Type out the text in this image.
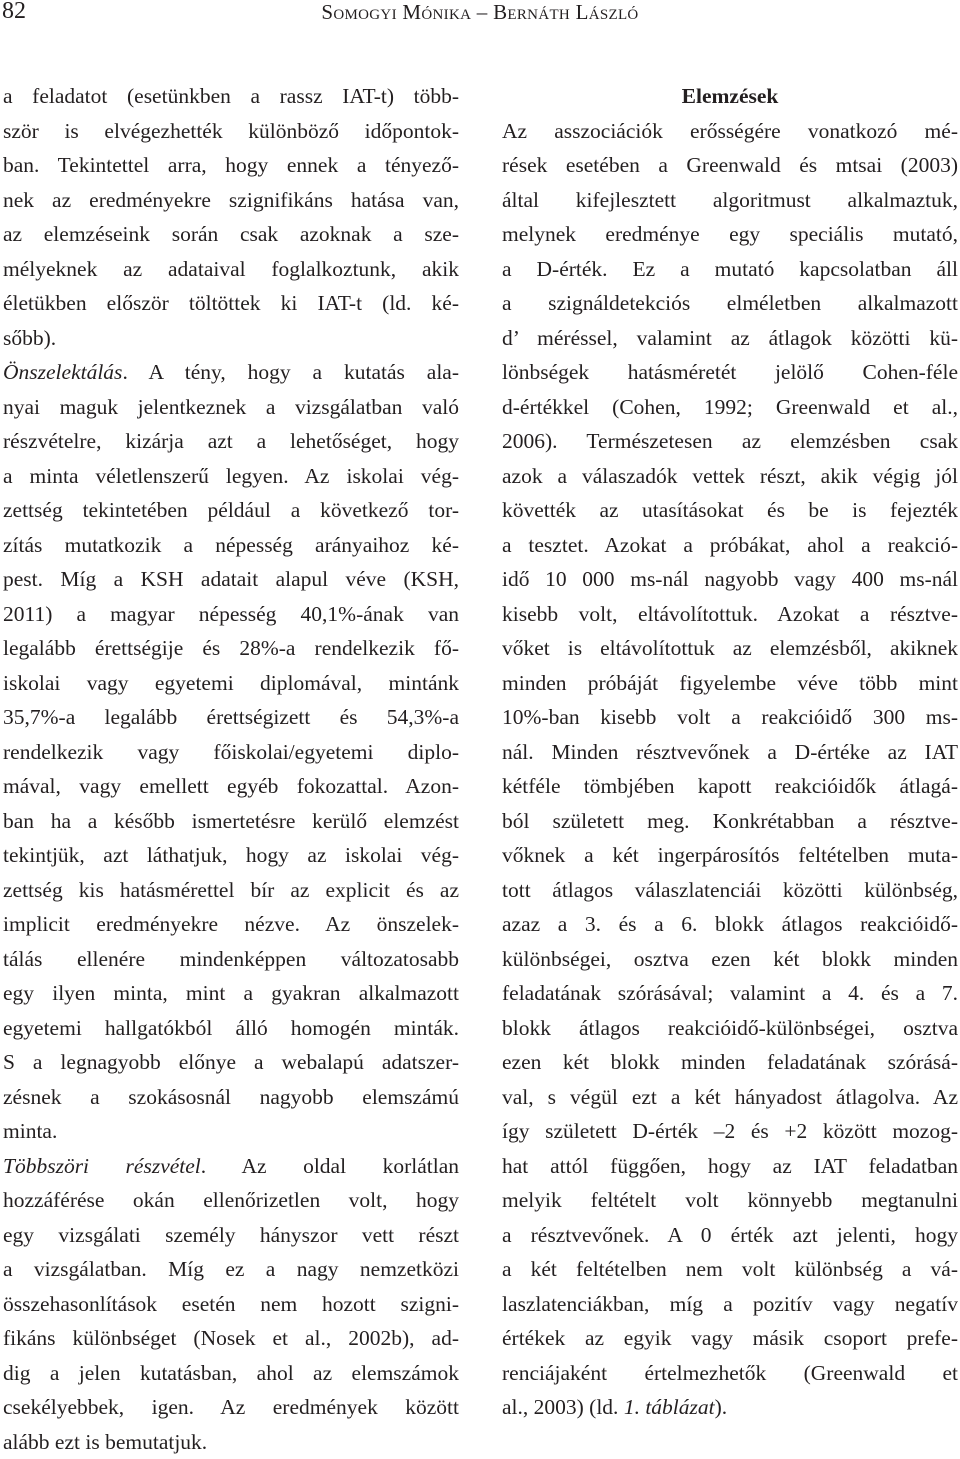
82	Somogyi Mónika – Bernáth László
a feladatot (esetünkben a rassz IAT-t) több-
ször is elvégezhették különböző időpontok-
ban. Tekintettel arra, hogy ennek a tényező-
nek az eredményekre szignifikáns hatása van,
az elemzéseink során csak azoknak a sze-
mélyeknek az adataival foglalkoztunk, akik
életükben először töltöttek ki IAT-t (ld. ké-
sőbb).
Önszelektálás. A tény, hogy a kutatás ala-
nyai maguk jelentkeznek a vizsgálatban való
részvételre, kizárja azt a lehetőséget, hogy
a minta véletlenszerű legyen. Az iskolai vég-
zettség tekintetében például a következő tor-
zítás mutatkozik a népesség arányaihoz ké-
pest. Míg a KSH adatait alapul véve (KSH,
2011) a magyar népesség 40,1%-ának van
legalább érettségije és 28%-a rendelkezik fő-
iskolai vagy egyetemi diplomával, mintánk
35,7%-a legalább érettségizett és 54,3%-a
rendelkezik vagy főiskolai/egyetemi diplo-
mával, vagy emellett egyéb fokozattal. Azon-
ban ha a később ismertetésre kerülő elemzést
tekintjük, azt láthatjuk, hogy az iskolai vég-
zettség kis hatásmérettel bír az explicit és az
implicit eredményekre nézve. Az önszelek-
tálás ellenére mindenképpen változatosabb
egy ilyen minta, mint a gyakran alkalmazott
egyetemi hallgatókból álló homogén minták.
S a legnagyobb előnye a webalapú adatszer-
zésnek a szokásosnál nagyobb elemszámú
minta.
Többszöri részvétel. Az oldal korlátlan
hozzáférése okán ellenőrizetlen volt, hogy
egy vizsgálati személy hányszor vett részt
a vizsgálatban. Míg ez a nagy nemzetközi
összehasonlítások esetén nem hozott szigni-
fikáns különbséget (Nosek et al., 2002b), ad-
dig a jelen kutatásban, ahol az elemszámok
csekélyebbek, igen. Az eredmények között
alább ezt is bemutatjuk.
Elemzések
Az asszociációk erősségére vonatkozó mé-
rések esetében a Greenwald és mtsai (2003)
által kifejlesztett algoritmust alkalmaztuk,
melynek eredménye egy speciális mutató,
a D-érték. Ez a mutató kapcsolatban áll
a szignáldetekciós elméletben alkalmazott
d’ méréssel, valamint az átlagok közötti kü-
lönbségek hatásméretét jelölő Cohen-féle
d-értékkel (Cohen, 1992; Greenwald et al.,
2006). Természetesen az elemzésben csak
azok a válaszadók vettek részt, akik végig jól
követték az utasításokat és be is fejezték
a tesztet. Azokat a próbákat, ahol a reakció-
idő 10 000 ms-nál nagyobb vagy 400 ms-nál
kisebb volt, eltávolítottuk. Azokat a résztve-
vőket is eltávolítottuk az elemzésből, akiknek
minden próbáját figyelembe véve több mint
10%-ban kisebb volt a reakcióidő 300 ms-
nál. Minden résztvevőnek a D-értéke az IAT
kétféle tömbjében kapott reakcióidők átlagá-
ból született meg. Konkrétabban a résztve-
vőknek a két ingerpárosítós feltételben muta-
tott átlagos válaszlatenciái közötti különbség,
azaz a 3. és a 6. blokk átlagos reakcióidő-
különbségei, osztva ezen két blokk minden
feladatának szórásával; valamint a 4. és a 7.
blokk átlagos reakcióidő-különbségei, osztva
ezen két blokk minden feladatának szórásá-
val, s végül ezt a két hányadost átlagolva. Az
így született D-érték –2 és +2 között mozog-
hat attól függően, hogy az IAT feladatban
melyik feltételt volt könnyebb megtanulni
a résztvevőnek. A 0 érték azt jelenti, hogy
a két feltételben nem volt különbség a vá-
laszlatenciákban, míg a pozitív vagy negatív
értékek az egyik vagy másik csoport prefe-
renciájaként értelmezhetők (Greenwald et
al., 2003) (ld. 1. táblázat).
